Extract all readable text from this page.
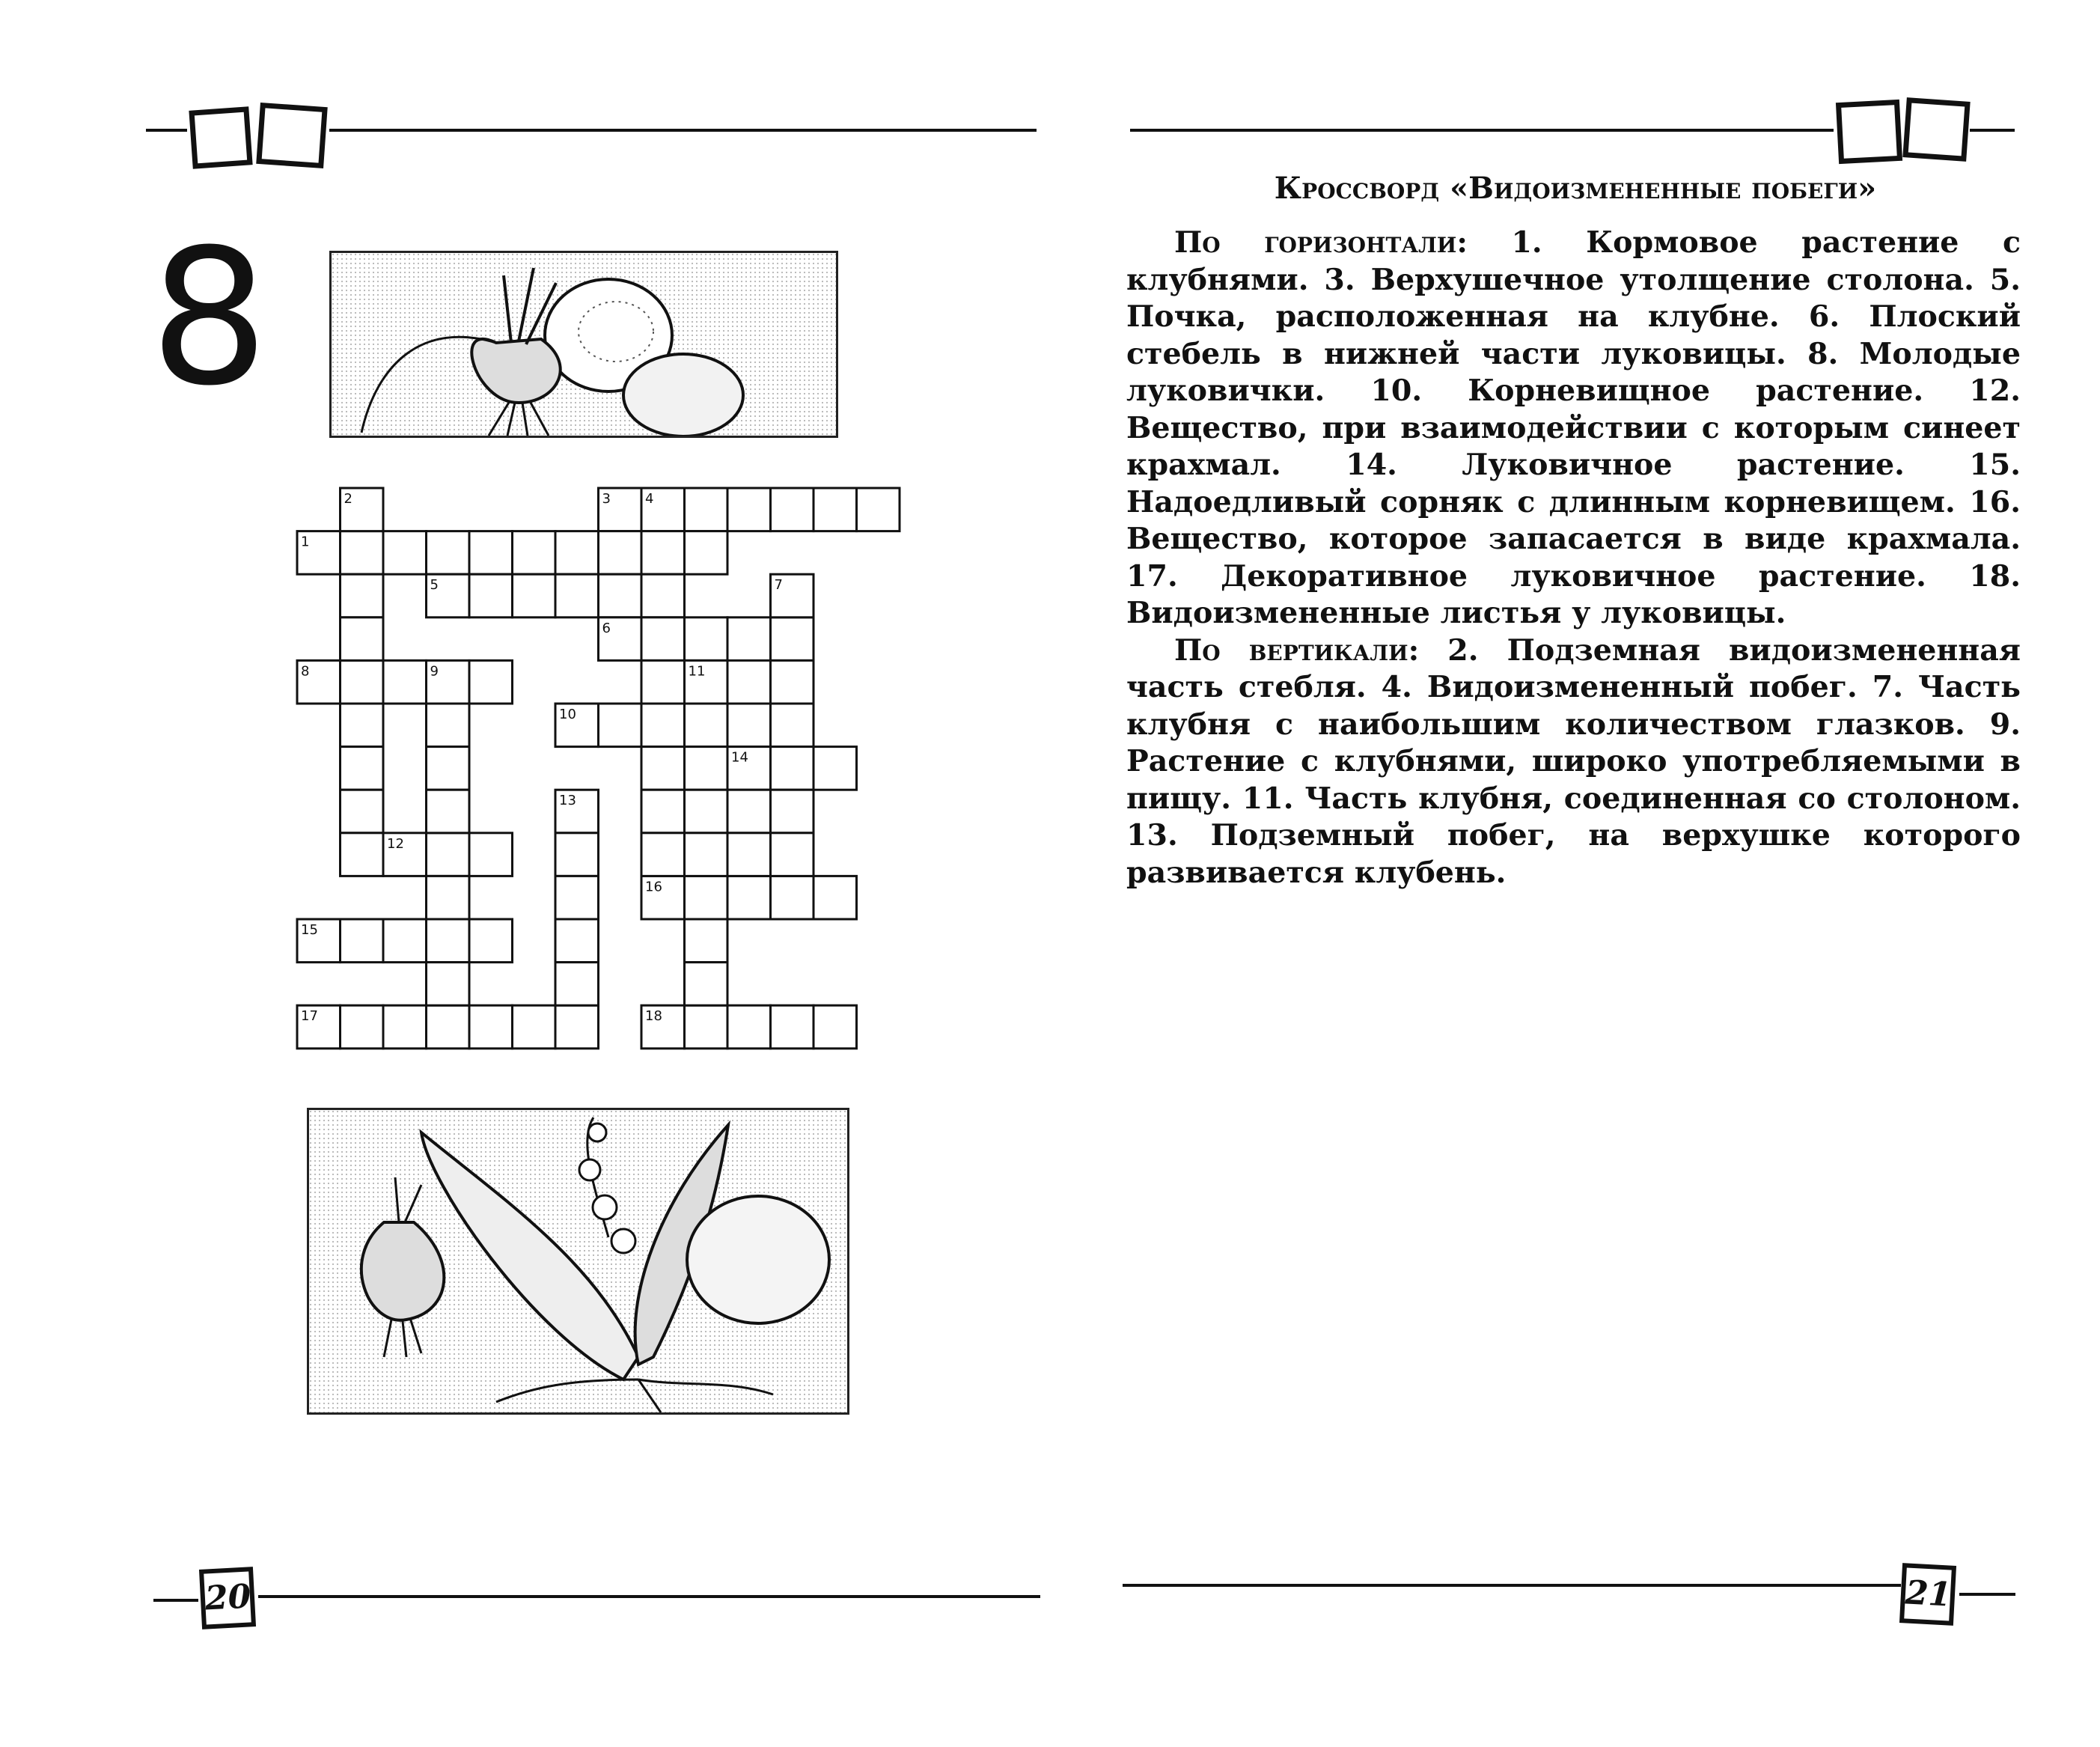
8
1
2	3	4
5
6
7
8	9
10
11
12
13
14
15
16
17	18
20
Кроссворд «Видоизмененные побеги»

По горизонтали: 1. Кормовое растение с клубнями. 3. Верхушечное утолщение столона. 5. Почка, расположенная на клубне. 6. Плоский стебель в нижней части луковицы. 8. Молодые луковички. 10. Корневищное растение. 12. Вещество, при взаимодействии с которым синеет крахмал. 14. Луковичное растение. 15. Надоедливый сорняк с длинным корневищем. 16. Вещество, которое запасается в виде крахмала. 17. Декоративное луковичное растение. 18. Видоизмененные листья у луковицы.

По вертикали: 2. Подземная видоизмененная часть стебля. 4. Видоизмененный побег. 7. Часть клубня с наибольшим количеством глазков. 9. Растение с клубнями, широко употребляемыми в пищу. 11. Часть клубня, соединенная со столоном. 13. Подземный побег, на верхушке которого развивается клубень.

21
